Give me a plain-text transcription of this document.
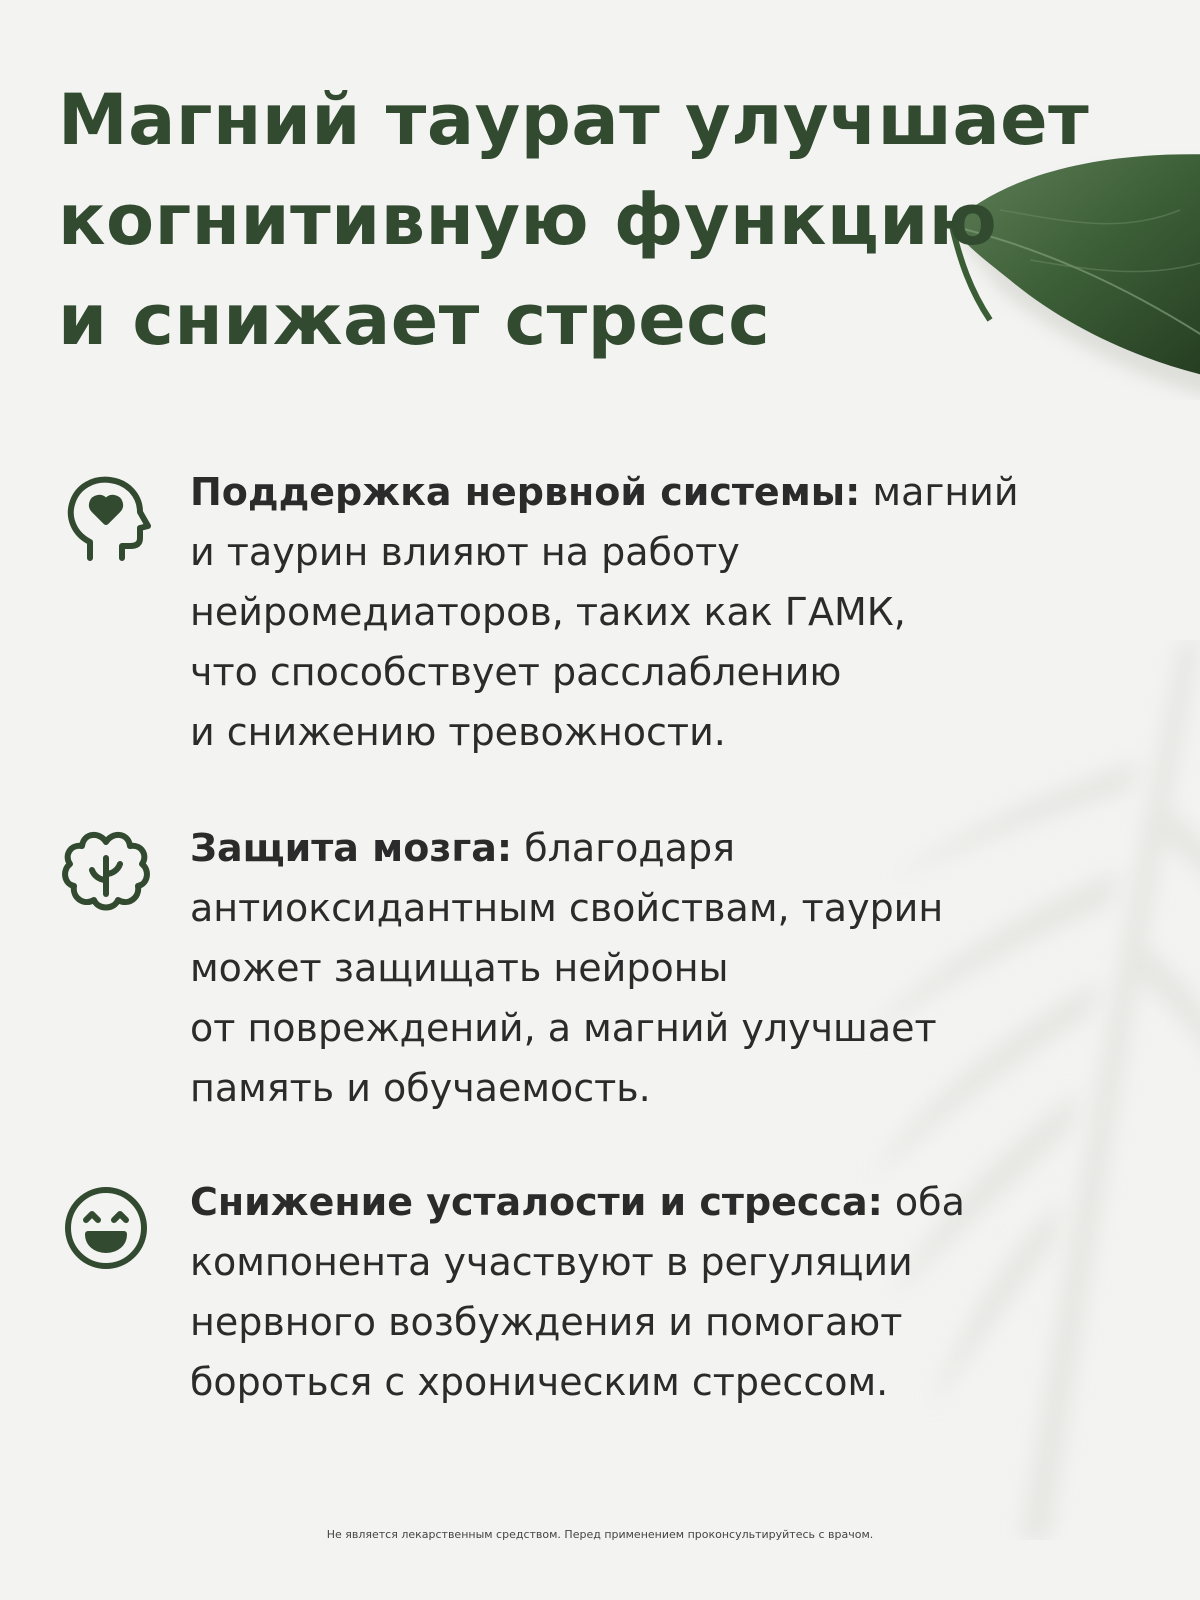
Магний таурат улучшает
когнитивную функцию
и снижает стресс
Поддержка нервной системы: магний
и таурин влияют на работу
нейромедиаторов, таких как ГАМК,
что способствует расслаблению
и снижению тревожности.
Защита мозга: благодаря
антиоксидантным свойствам, таурин
может защищать нейроны
от повреждений, а магний улучшает
память и обучаемость.
Снижение усталости и стресса: оба
компонента участвуют в регуляции
нервного возбуждения и помогают
бороться с хроническим стрессом.
Не является лекарственным средством. Перед применением проконсультируйтесь с врачом.
